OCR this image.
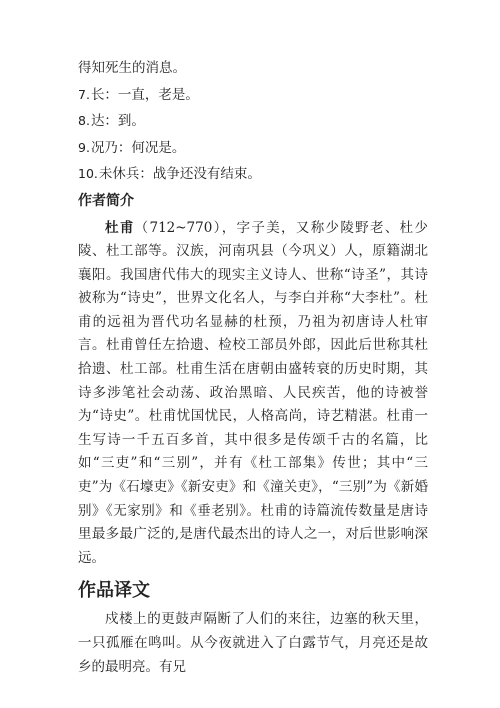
得知死生的消息。
7.长：一直，老是。
8.达：到。
9.况乃：何况是。
10.未休兵：战争还没有结束。
作者简介

杜甫（712~770），字子美，又称少陵野老、杜少陵、杜工部等。汉族，河南巩县（今巩义）人，原籍湖北襄阳。我国唐代伟大的现实主义诗人、世称“诗圣”，其诗被称为“诗史”，世界文化名人，与李白并称“大李杜”。杜甫的远祖为晋代功名显赫的杜预，乃祖为初唐诗人杜审言。杜甫曾任左拾遗、检校工部员外郎，因此后世称其杜拾遗、杜工部。杜甫生活在唐朝由盛转衰的历史时期，其诗多涉笔社会动荡、政治黑暗、人民疾苦，他的诗被誉为“诗史”。杜甫忧国忧民，人格高尚，诗艺精湛。杜甫一生写诗一千五百多首，其中很多是传颂千古的名篇，比如“三吏”和“三别”，并有《杜工部集》传世；其中“三吏”为《石壕吏》《新安吏》和《潼关吏》，“三别”为《新婚别》《无家别》和《垂老别》。杜甫的诗篇流传数量是唐诗里最多最广泛的,是唐代最杰出的诗人之一，对后世影响深远。

作品译文

戍楼上的更鼓声隔断了人们的来往，边塞的秋天里，一只孤雁在鸣叫。从今夜就进入了白露节气，月亮还是故乡的最明亮。有兄
